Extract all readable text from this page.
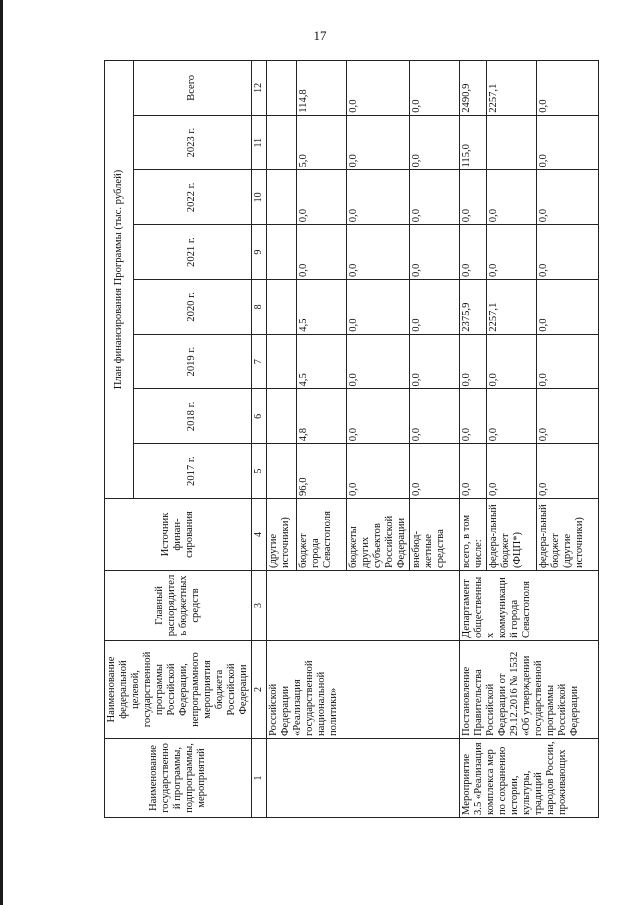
17
Наименование государственной программы, подпрограммы, мероприятий	Наименование федеральной целевой, государственной программы Российской Федерации, непрограммного мероприятия бюджета Российской Федерации	Главный распорядитель бюджетных средств	Источник финан-сирования	План финансирования Программы (тыс. рублей)							
				2017 г.	2018 г.	2019 г.	2020 г.	2021 г.	2022 г.	2023 г.	Всего
1	2	3	4	5	6	7	8	9	10	11	12
	Российской Федерации «Реализация государственной национальной политики»		(другие источники)								
			бюджет города Севастополя	96,0	4,8	4,5	4,5	0,0	0,0	5,0	114,8
			бюджеты других субъектов Российской Федерации	0,0	0,0	0,0	0,0	0,0	0,0	0,0	0,0
			внебюд-жетные средства	0,0	0,0	0,0	0,0	0,0	0,0	0,0	0,0
Мероприятие 3.5 «Реализация комплекса мер по сохранению истории, культуры, традиций народов России, проживающих	Постановление Правительства Российской Федерации от 29.12.2016 № 1532 «Об утверждении государственной программы Российской Федерации	Департамент общественных коммуникаций города Севастополя	всего, в том числе:	0,0	0,0	0,0	2375,9	0,0	0,0	115,0	2490,9
			федера-льный бюджет (ФЦП*)	0,0	0,0	0,0	2257,1	0,0	0,0		2257,1
			федера-льный бюджет (другие источники)	0,0	0,0	0,0	0,0	0,0	0,0	0,0	0,0
